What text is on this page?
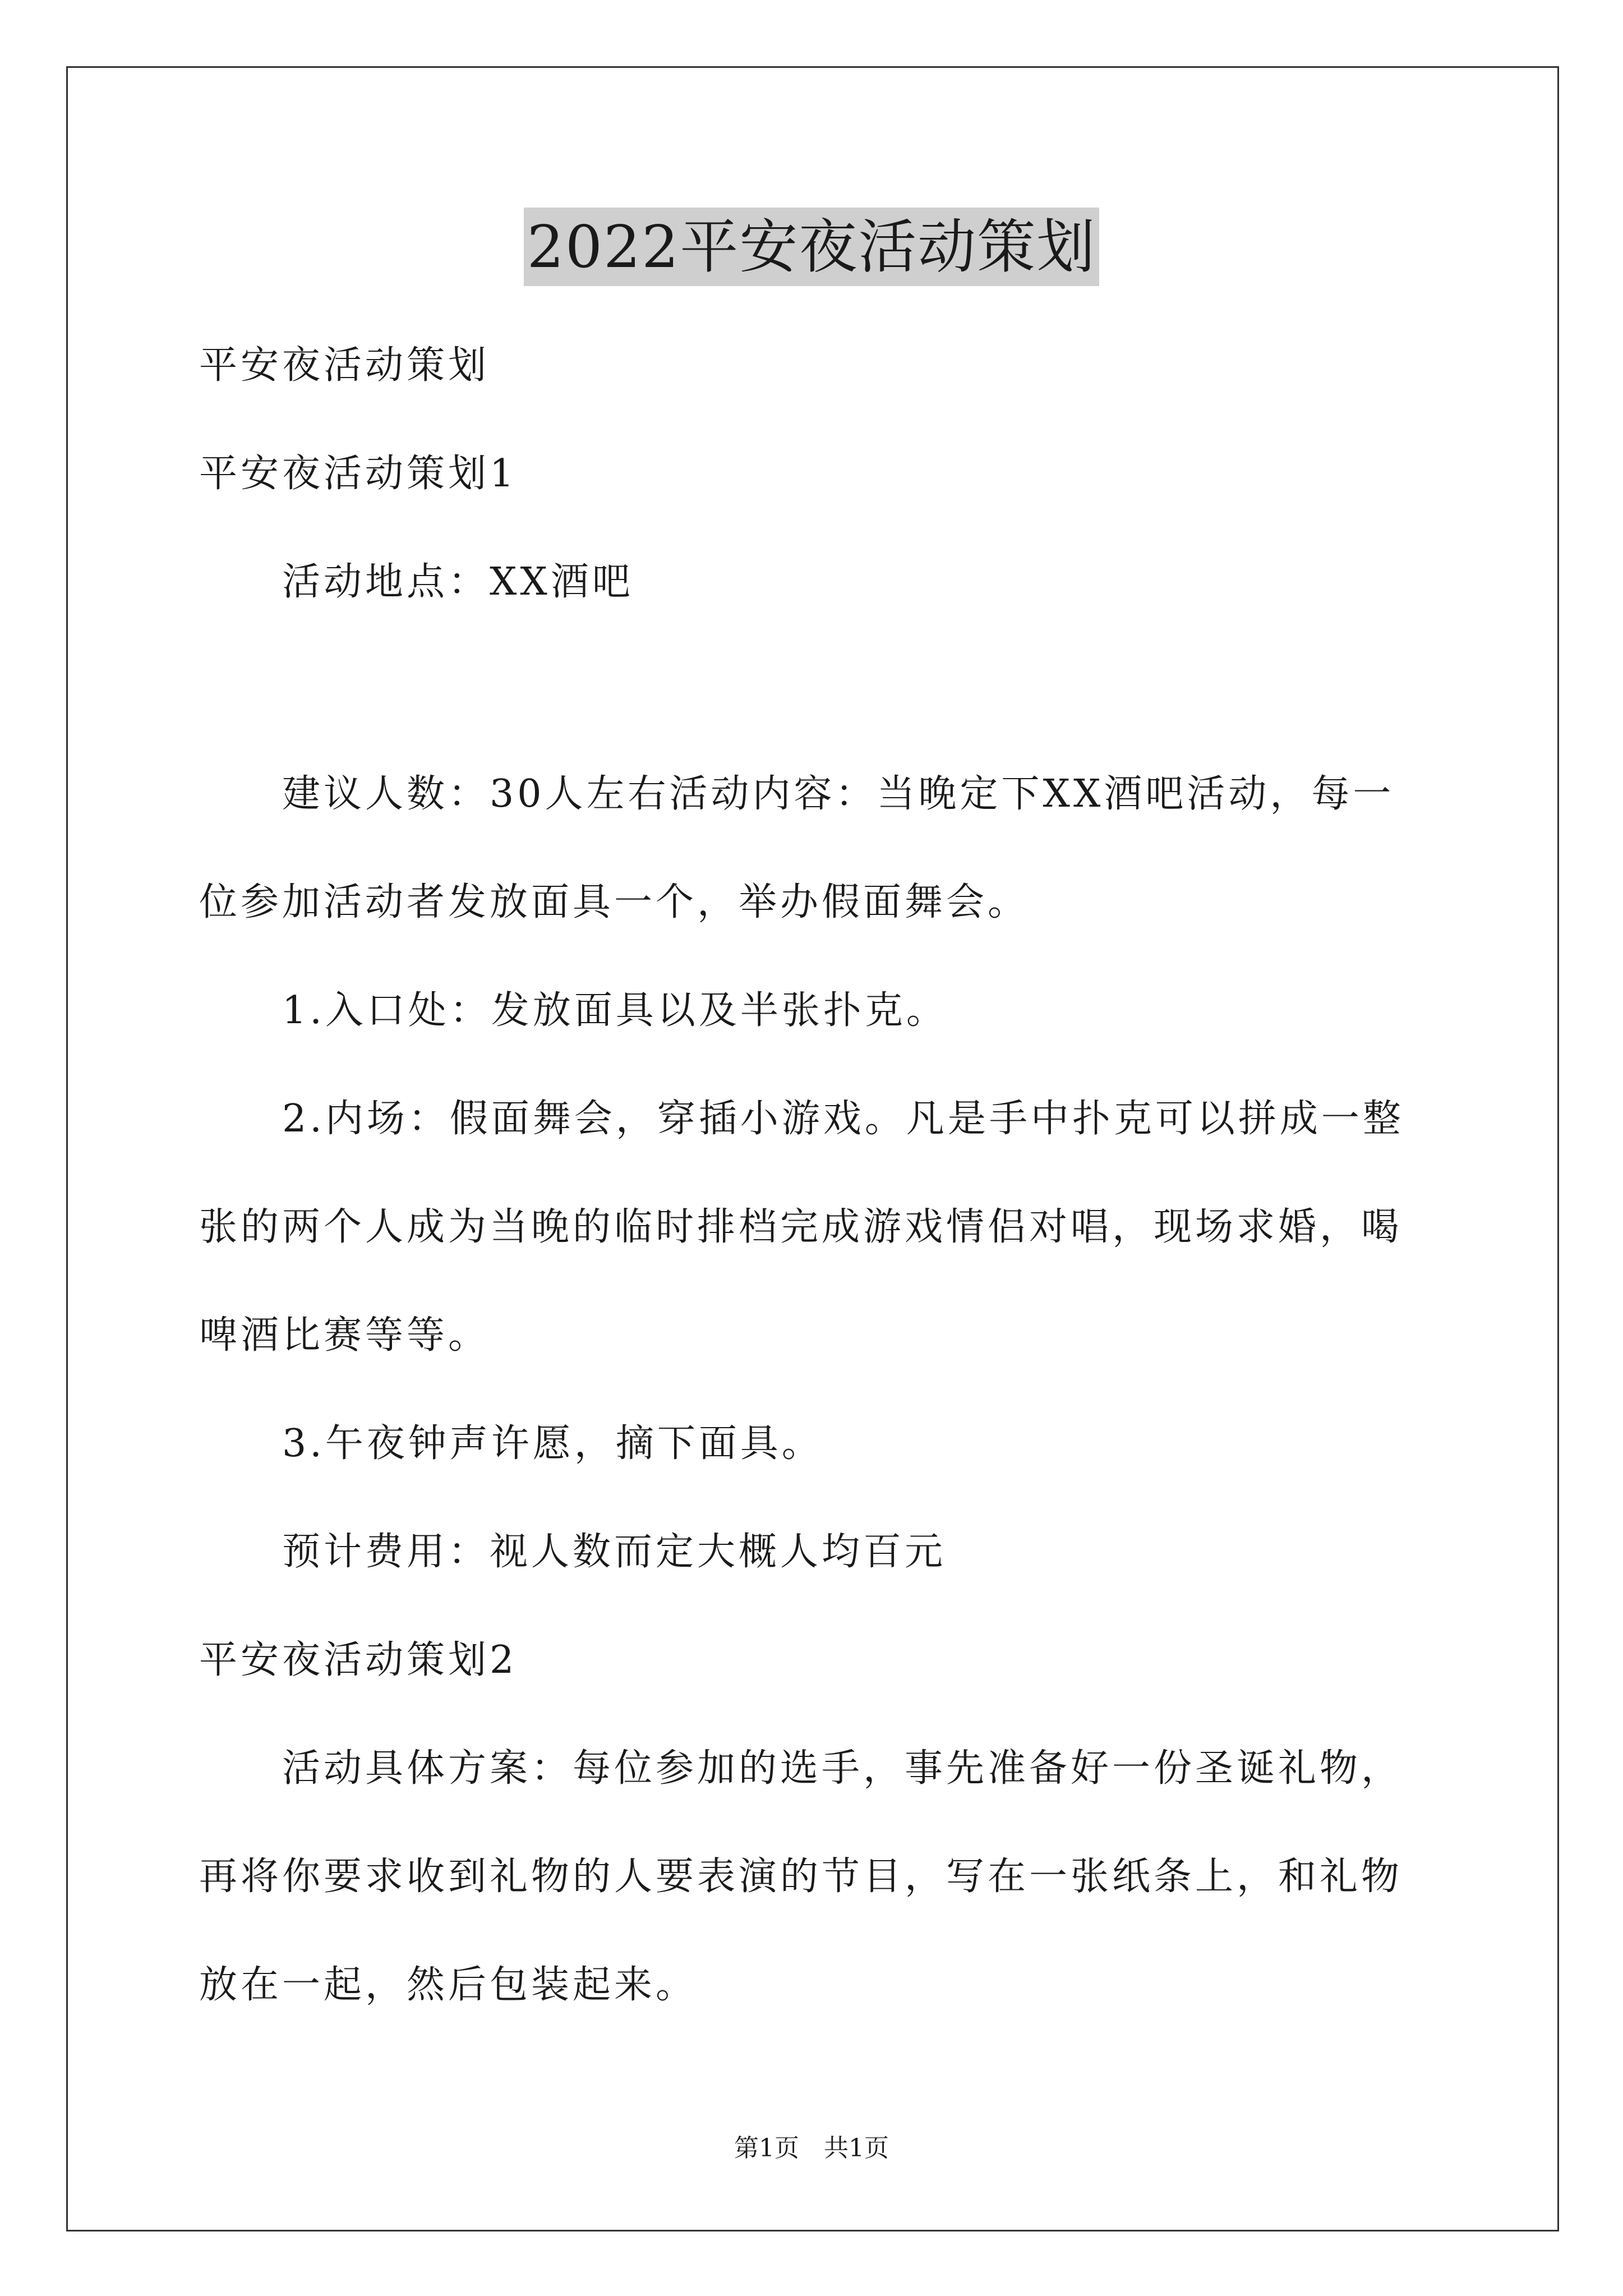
2022平安夜活动策划

平安夜活动策划

平安夜活动策划1

活动地点：XX酒吧

建议人数：30人左右活动内容：当晚定下XX酒吧活动，每一位参加活动者发放面具一个，举办假面舞会。

1.入口处：发放面具以及半张扑克。

2.内场：假面舞会，穿插小游戏。凡是手中扑克可以拼成一整张的两个人成为当晚的临时排档完成游戏情侣对唱，现场求婚，喝啤酒比赛等等。

3.午夜钟声许愿，摘下面具。

预计费用：视人数而定大概人均百元

平安夜活动策划2

活动具体方案：每位参加的选手，事先准备好一份圣诞礼物，再将你要求收到礼物的人要表演的节目，写在一张纸条上，和礼物放在一起，然后包装起来。

第1页　共1页
